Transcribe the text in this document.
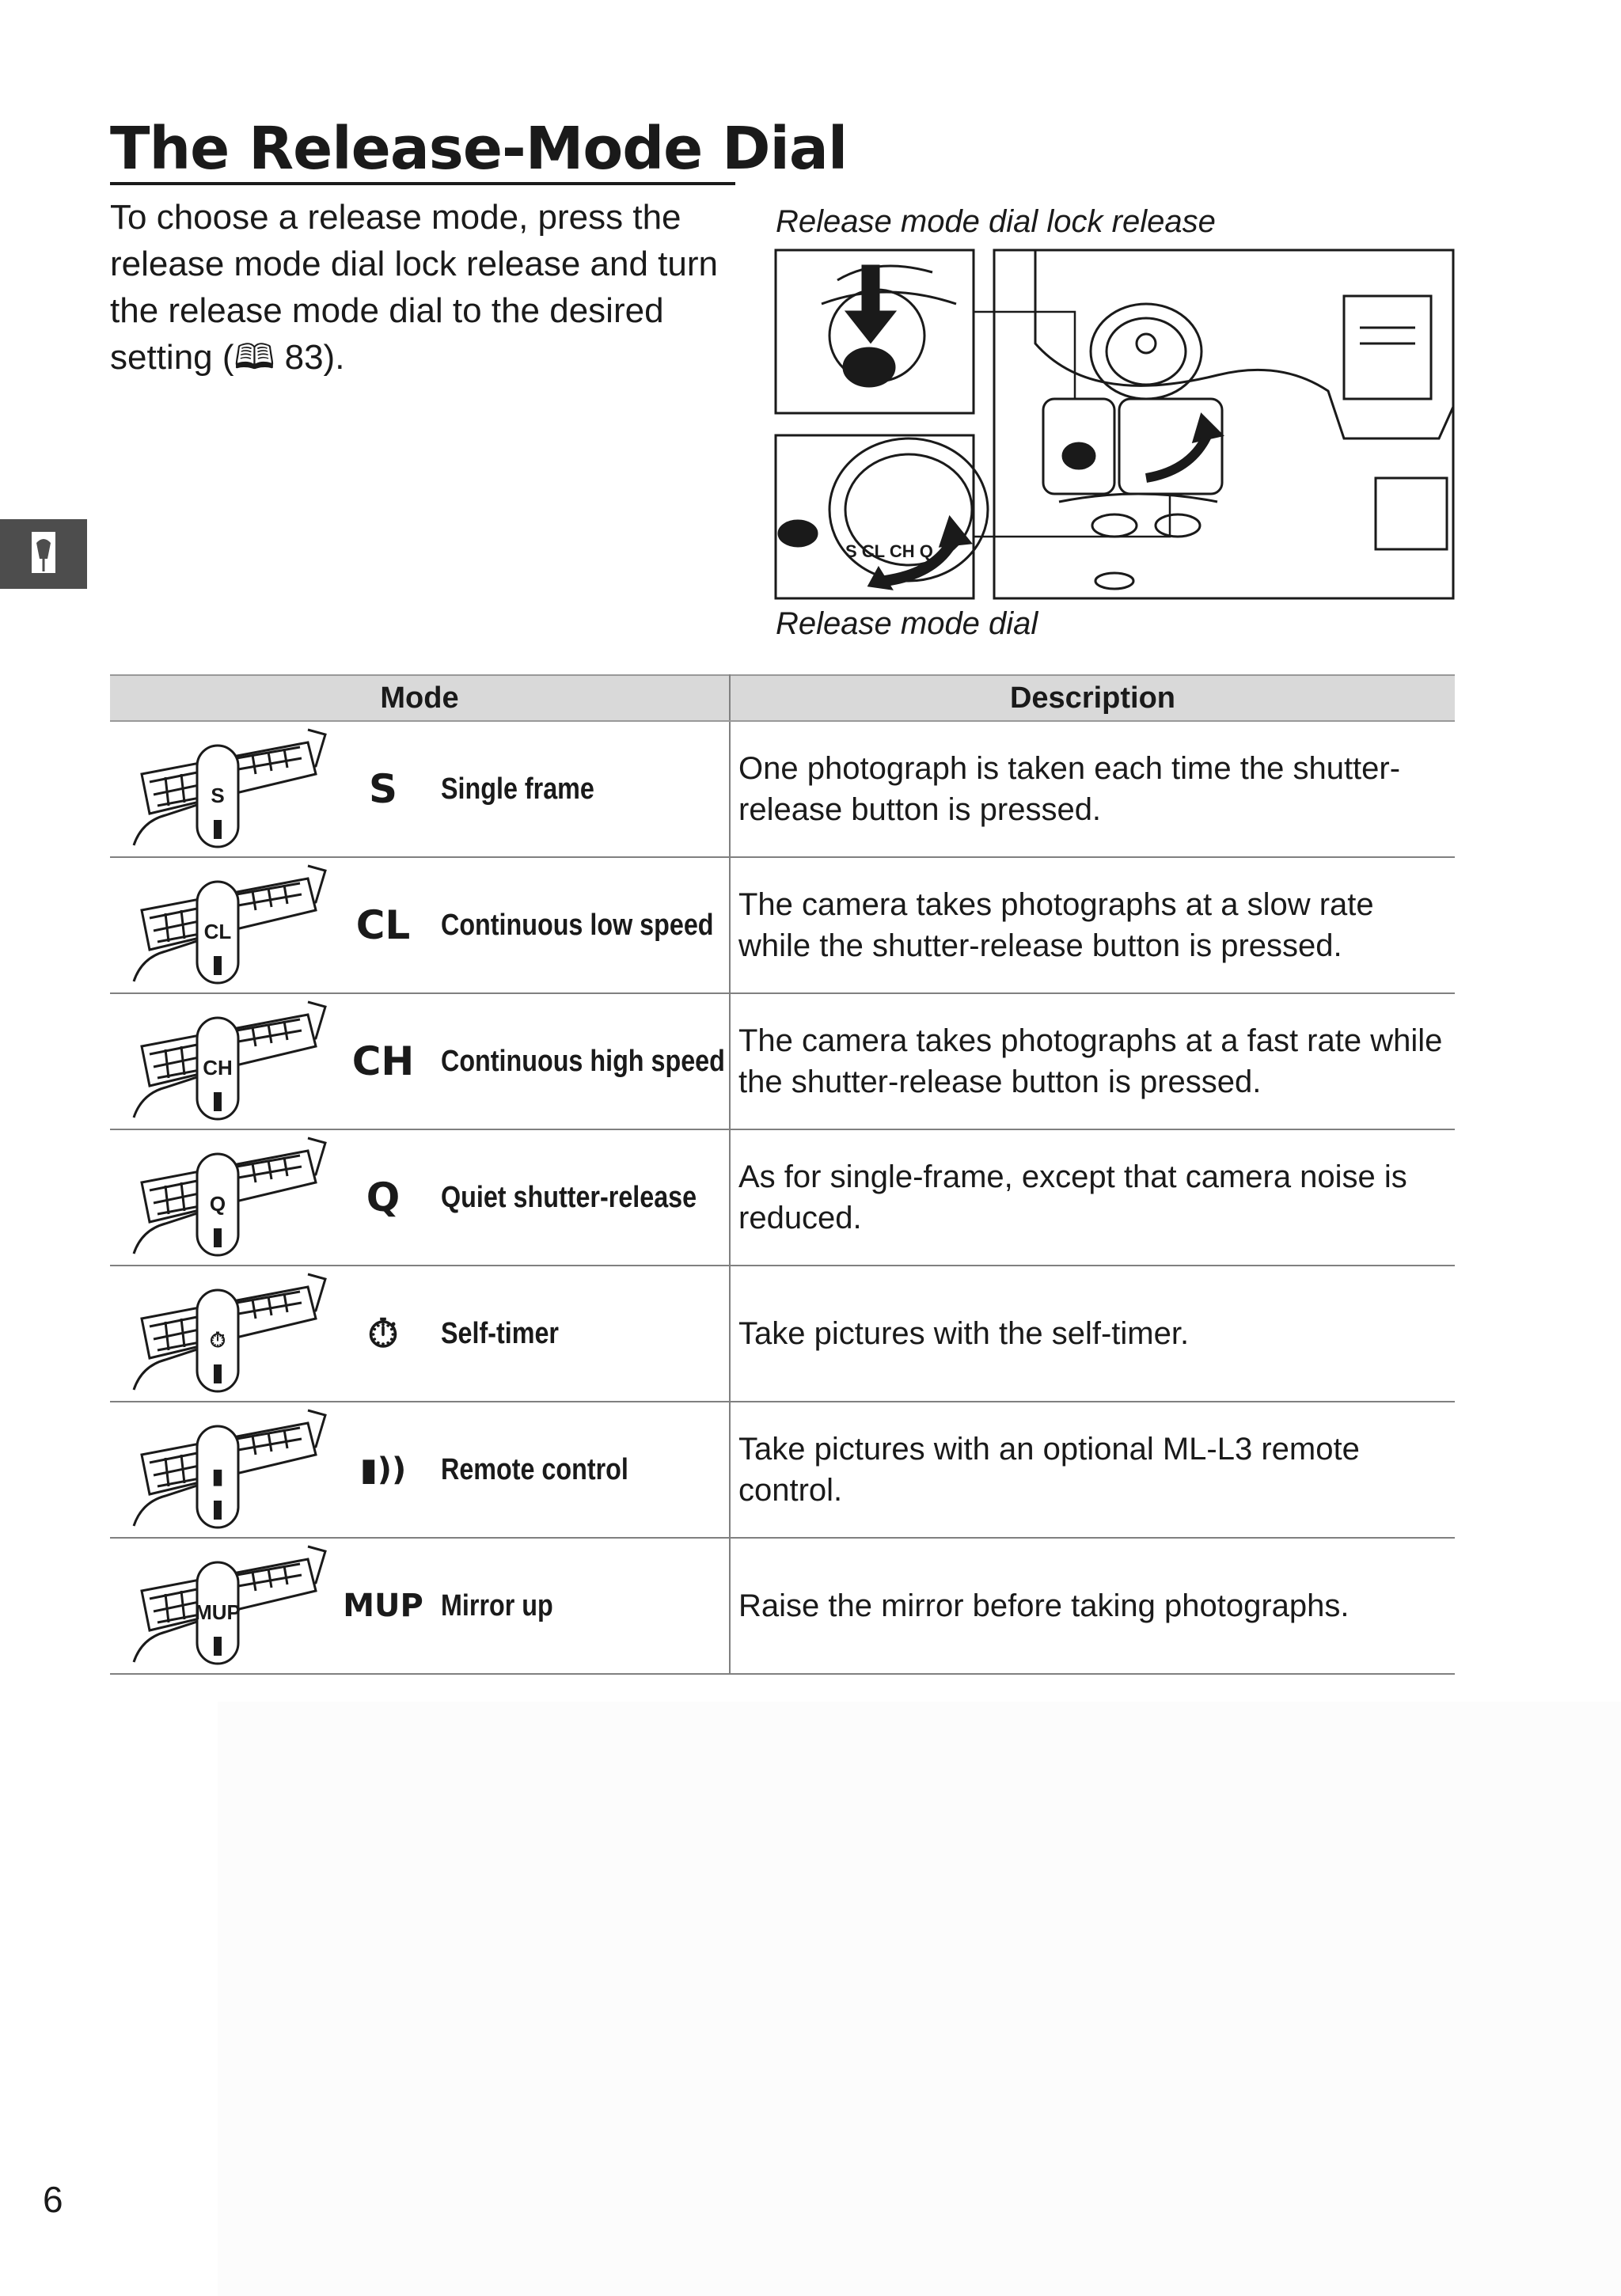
The Release-Mode Dial
To choose a release mode, press the release mode dial lock release and turn the release mode dial to the desired setting (🕮 83).
Release mode dial lock release
Release mode dial
S CL CH Q
Mode	Description

S S Single frame	One photograph is taken each time the shutter-release button is pressed.

CL CL Continuous low speed	The camera takes photographs at a slow rate while the shutter-release button is pressed.

CH CH Continuous high speed	The camera takes photographs at a fast rate while the shutter-release button is pressed.

Q Q Quiet shutter-release	As for single-frame, except that camera noise is reduced.

⏱ ⏱ Self-timer	Take pictures with the self-timer.

▮ ▮)) Remote control	Take pictures with an optional ML-L3 remote control.

MUP MUP Mirror up	Raise the mirror before taking photographs.
6
